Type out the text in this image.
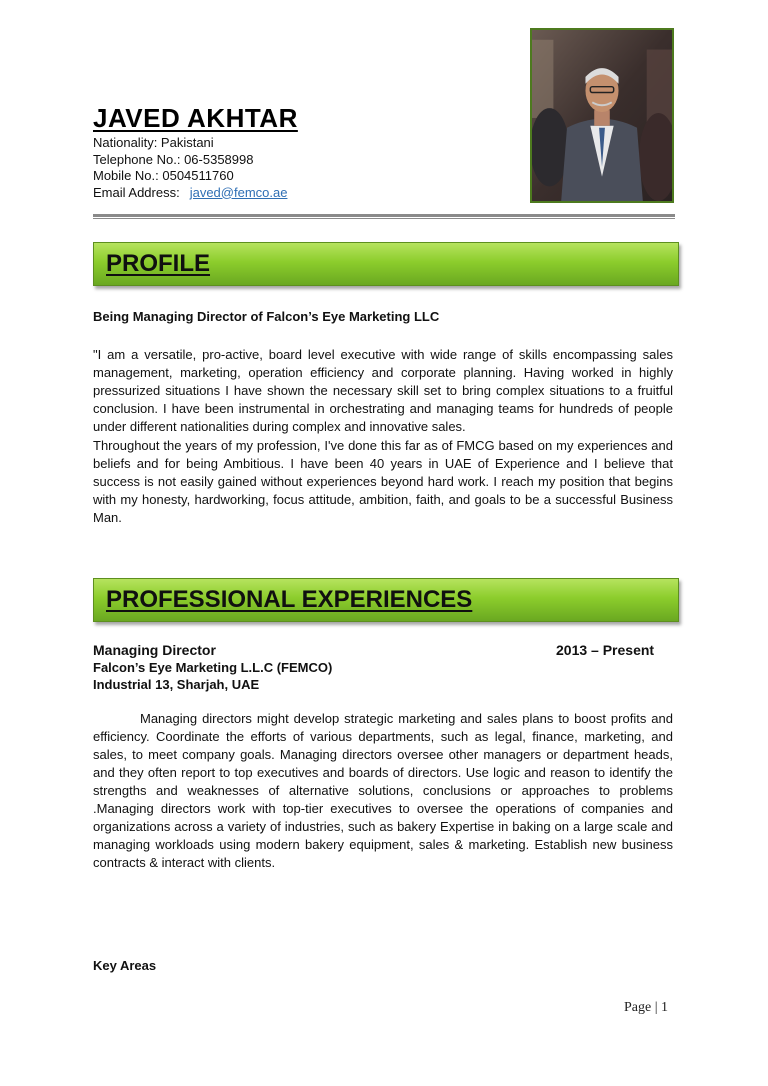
JAVED AKHTAR
Nationality: Pakistani
Telephone No.: 06-5358998
Mobile No.: 0504511760
Email Address: javed@femco.ae
PROFILE
Being Managing Director of Falcon’s Eye Marketing LLC
"I am a versatile, pro-active, board level executive with wide range of skills encompassing sales management, marketing, operation efficiency and corporate planning. Having worked in highly pressurized situations I have shown the necessary skill set to bring complex situations to a fruitful conclusion. I have been instrumental in orchestrating and managing teams for hundreds of people under different nationalities during complex and innovative sales.
Throughout the years of my profession, I've done this far as of FMCG based on my experiences and beliefs and for being Ambitious. I have been 40 years in UAE of Experience and I believe that success is not easily gained without experiences beyond hard work. I reach my position that begins with my honesty, hardworking, focus attitude, ambition, faith, and goals to be a successful Business Man.
PROFESSIONAL EXPERIENCES
Managing Director	2013 – Present
Falcon’s Eye Marketing L.L.C (FEMCO)
Industrial 13, Sharjah, UAE
Managing directors might develop strategic marketing and sales plans to boost profits and efficiency. Coordinate the efforts of various departments, such as legal, finance, marketing, and sales, to meet company goals. Managing directors oversee other managers or department heads, and they often report to top executives and boards of directors. Use logic and reason to identify the strengths and weaknesses of alternative solutions, conclusions or approaches to problems .Managing directors work with top-tier executives to oversee the operations of companies and organizations across a variety of industries, such as bakery Expertise in baking on a large scale and managing workloads using modern bakery equipment, sales & marketing. Establish new business contracts & interact with clients.
Key Areas
Page | 1
